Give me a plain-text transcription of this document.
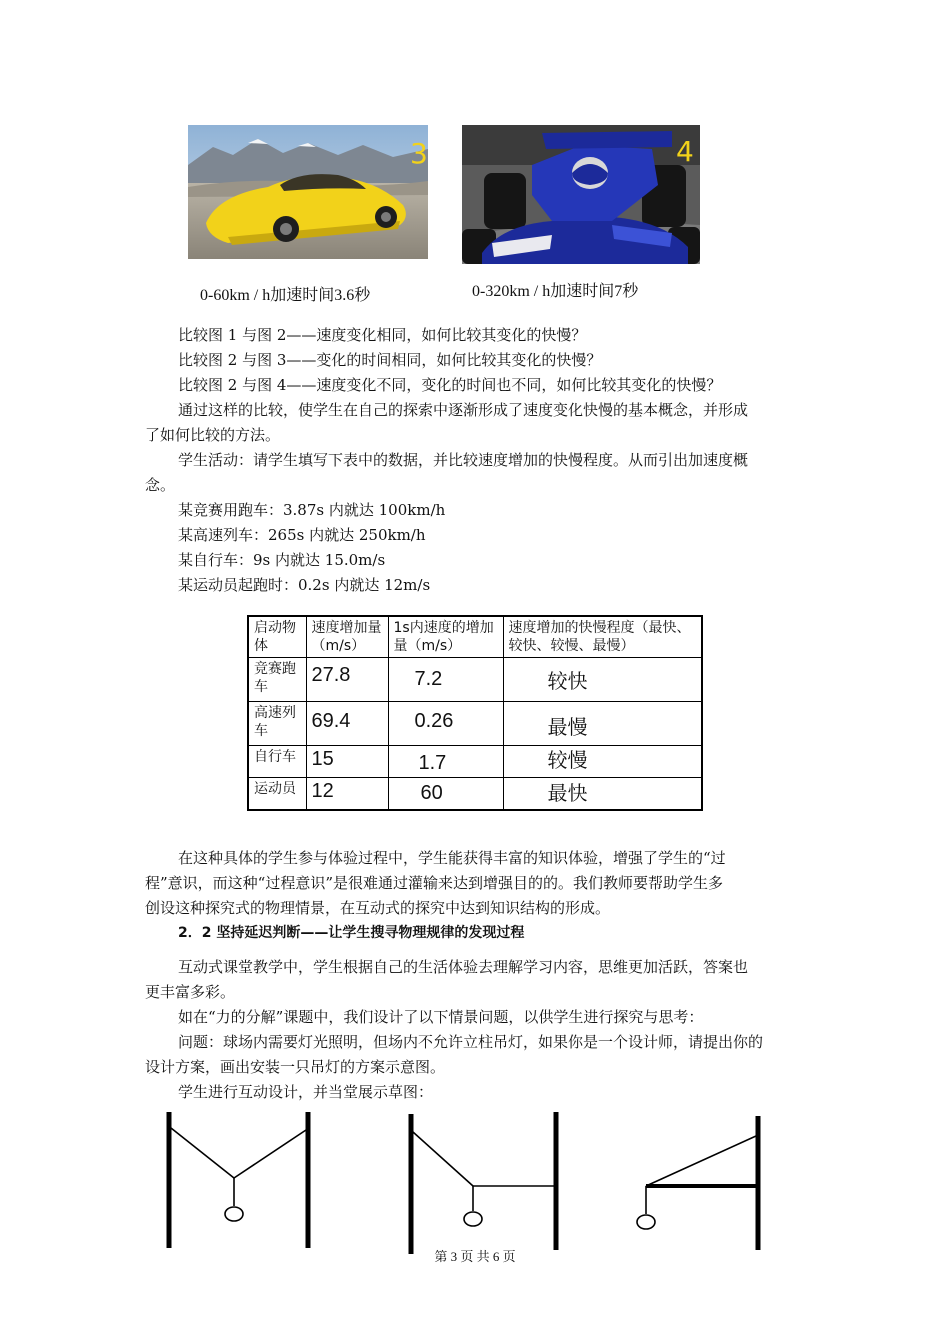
3	4
0-60km / h加速时间3.6秒	0-320km / h加速时间7秒
比较图 1 与图 2——速度变化相同，如何比较其变化的快慢？
比较图 2 与图 3——变化的时间相同，如何比较其变化的快慢？
比较图 2 与图 4——速度变化不同，变化的时间也不同，如何比较其变化的快慢？
通过这样的比较，使学生在自己的探索中逐渐形成了速度变化快慢的基本概念，并形成
了如何比较的方法。
学生活动：请学生填写下表中的数据，并比较速度增加的快慢程度。从而引出加速度概
念。
某竞赛用跑车：3.87s 内就达 100km/h
某高速列车：265s 内就达 250km/h
某自行车：9s 内就达 15.0m/s
某运动员起跑时：0.2s 内就达 12m/s
启动物体	速度增加量（m/s）	1s内速度的增加量（m/s）	速度增加的快慢程度（最快、较快、较慢、最慢）
竞赛跑车	27.8	7.2	较快
高速列车	69.4	0.26	最慢
自行车	15	1.7	较慢
运动员	12	60	最快
在这种具体的学生参与体验过程中，学生能获得丰富的知识体验，增强了学生的“过
程”意识，而这种“过程意识”是很难通过灌输来达到增强目的的。我们教师要帮助学生多
创设这种探究式的物理情景，在互动式的探究中达到知识结构的形成。
2．2 坚持延迟判断——让学生搜寻物理规律的发现过程
互动式课堂教学中，学生根据自己的生活体验去理解学习内容，思维更加活跃，答案也
更丰富多彩。
如在“力的分解”课题中，我们设计了以下情景问题，以供学生进行探究与思考：
问题：球场内需要灯光照明，但场内不允许立柱吊灯，如果你是一个设计师，请提出你的
设计方案，画出安装一只吊灯的方案示意图。
学生进行互动设计，并当堂展示草图：
第 3 页 共 6 页
